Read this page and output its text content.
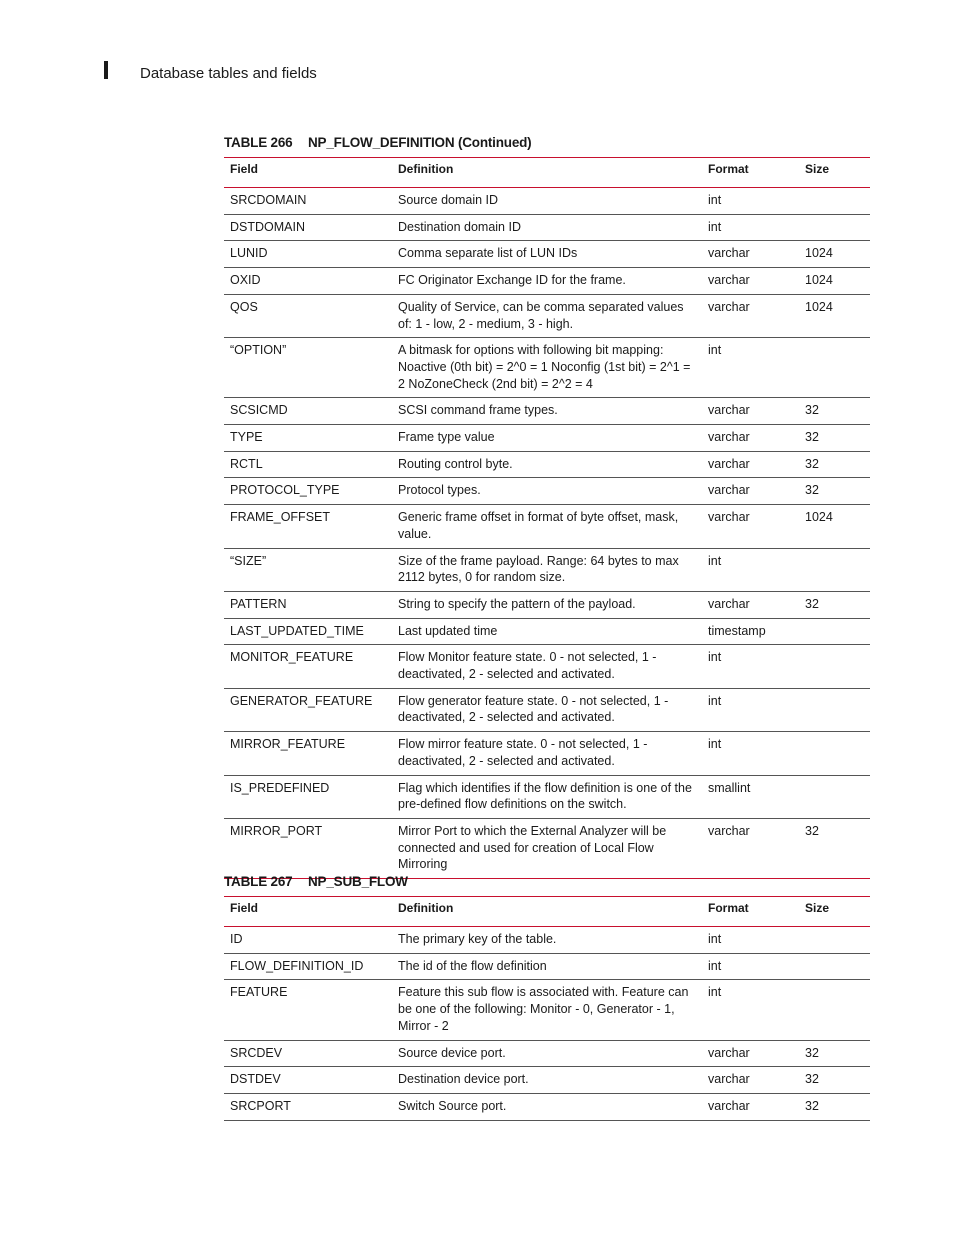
Database tables and fields
TABLE 266 NP_FLOW_DEFINITION (Continued)
Field	Definition	Format	Size
SRCDOMAIN	Source domain ID	int	
DSTDOMAIN	Destination domain ID	int	
LUNID	Comma separate list of LUN IDs	varchar	1024
OXID	FC Originator Exchange ID for the frame.	varchar	1024
QOS	Quality of Service, can be comma separated values of: 1 - low, 2 - medium, 3 - high.	varchar	1024
“OPTION”	A bitmask for options with following bit mapping: Noactive (0th bit) = 2^0 = 1 Noconfig (1st bit) = 2^1 = 2 NoZoneCheck (2nd bit) = 2^2 = 4	int	
SCSICMD	SCSI command frame types.	varchar	32
TYPE	Frame type value	varchar	32
RCTL	Routing control byte.	varchar	32
PROTOCOL_TYPE	Protocol types.	varchar	32
FRAME_OFFSET	Generic frame offset in format of byte offset, mask, value.	varchar	1024
“SIZE”	Size of the frame payload. Range: 64 bytes to max 2112 bytes, 0 for random size.	int	
PATTERN	String to specify the pattern of the payload.	varchar	32
LAST_UPDATED_TIME	Last updated time	timestamp	
MONITOR_FEATURE	Flow Monitor feature state. 0 - not selected, 1 - deactivated, 2 - selected and activated.	int	
GENERATOR_FEATURE	Flow generator feature state. 0 - not selected, 1 - deactivated, 2 - selected and activated.	int	
MIRROR_FEATURE	Flow mirror feature state. 0 - not selected, 1 - deactivated, 2 - selected and activated.	int	
IS_PREDEFINED	Flag which identifies if the flow definition is one of the pre-defined flow definitions on the switch.	smallint	
MIRROR_PORT	Mirror Port to which the External Analyzer will be connected and used for creation of Local Flow Mirroring	varchar	32
TABLE 267 NP_SUB_FLOW
Field	Definition	Format	Size
ID	The primary key of the table.	int	
FLOW_DEFINITION_ID	The id of the flow definition	int	
FEATURE	Feature this sub flow is associated with. Feature can be one of the following: Monitor - 0, Generator - 1, Mirror - 2	int	
SRCDEV	Source device port.	varchar	32
DSTDEV	Destination device port.	varchar	32
SRCPORT	Switch Source port.	varchar	32
